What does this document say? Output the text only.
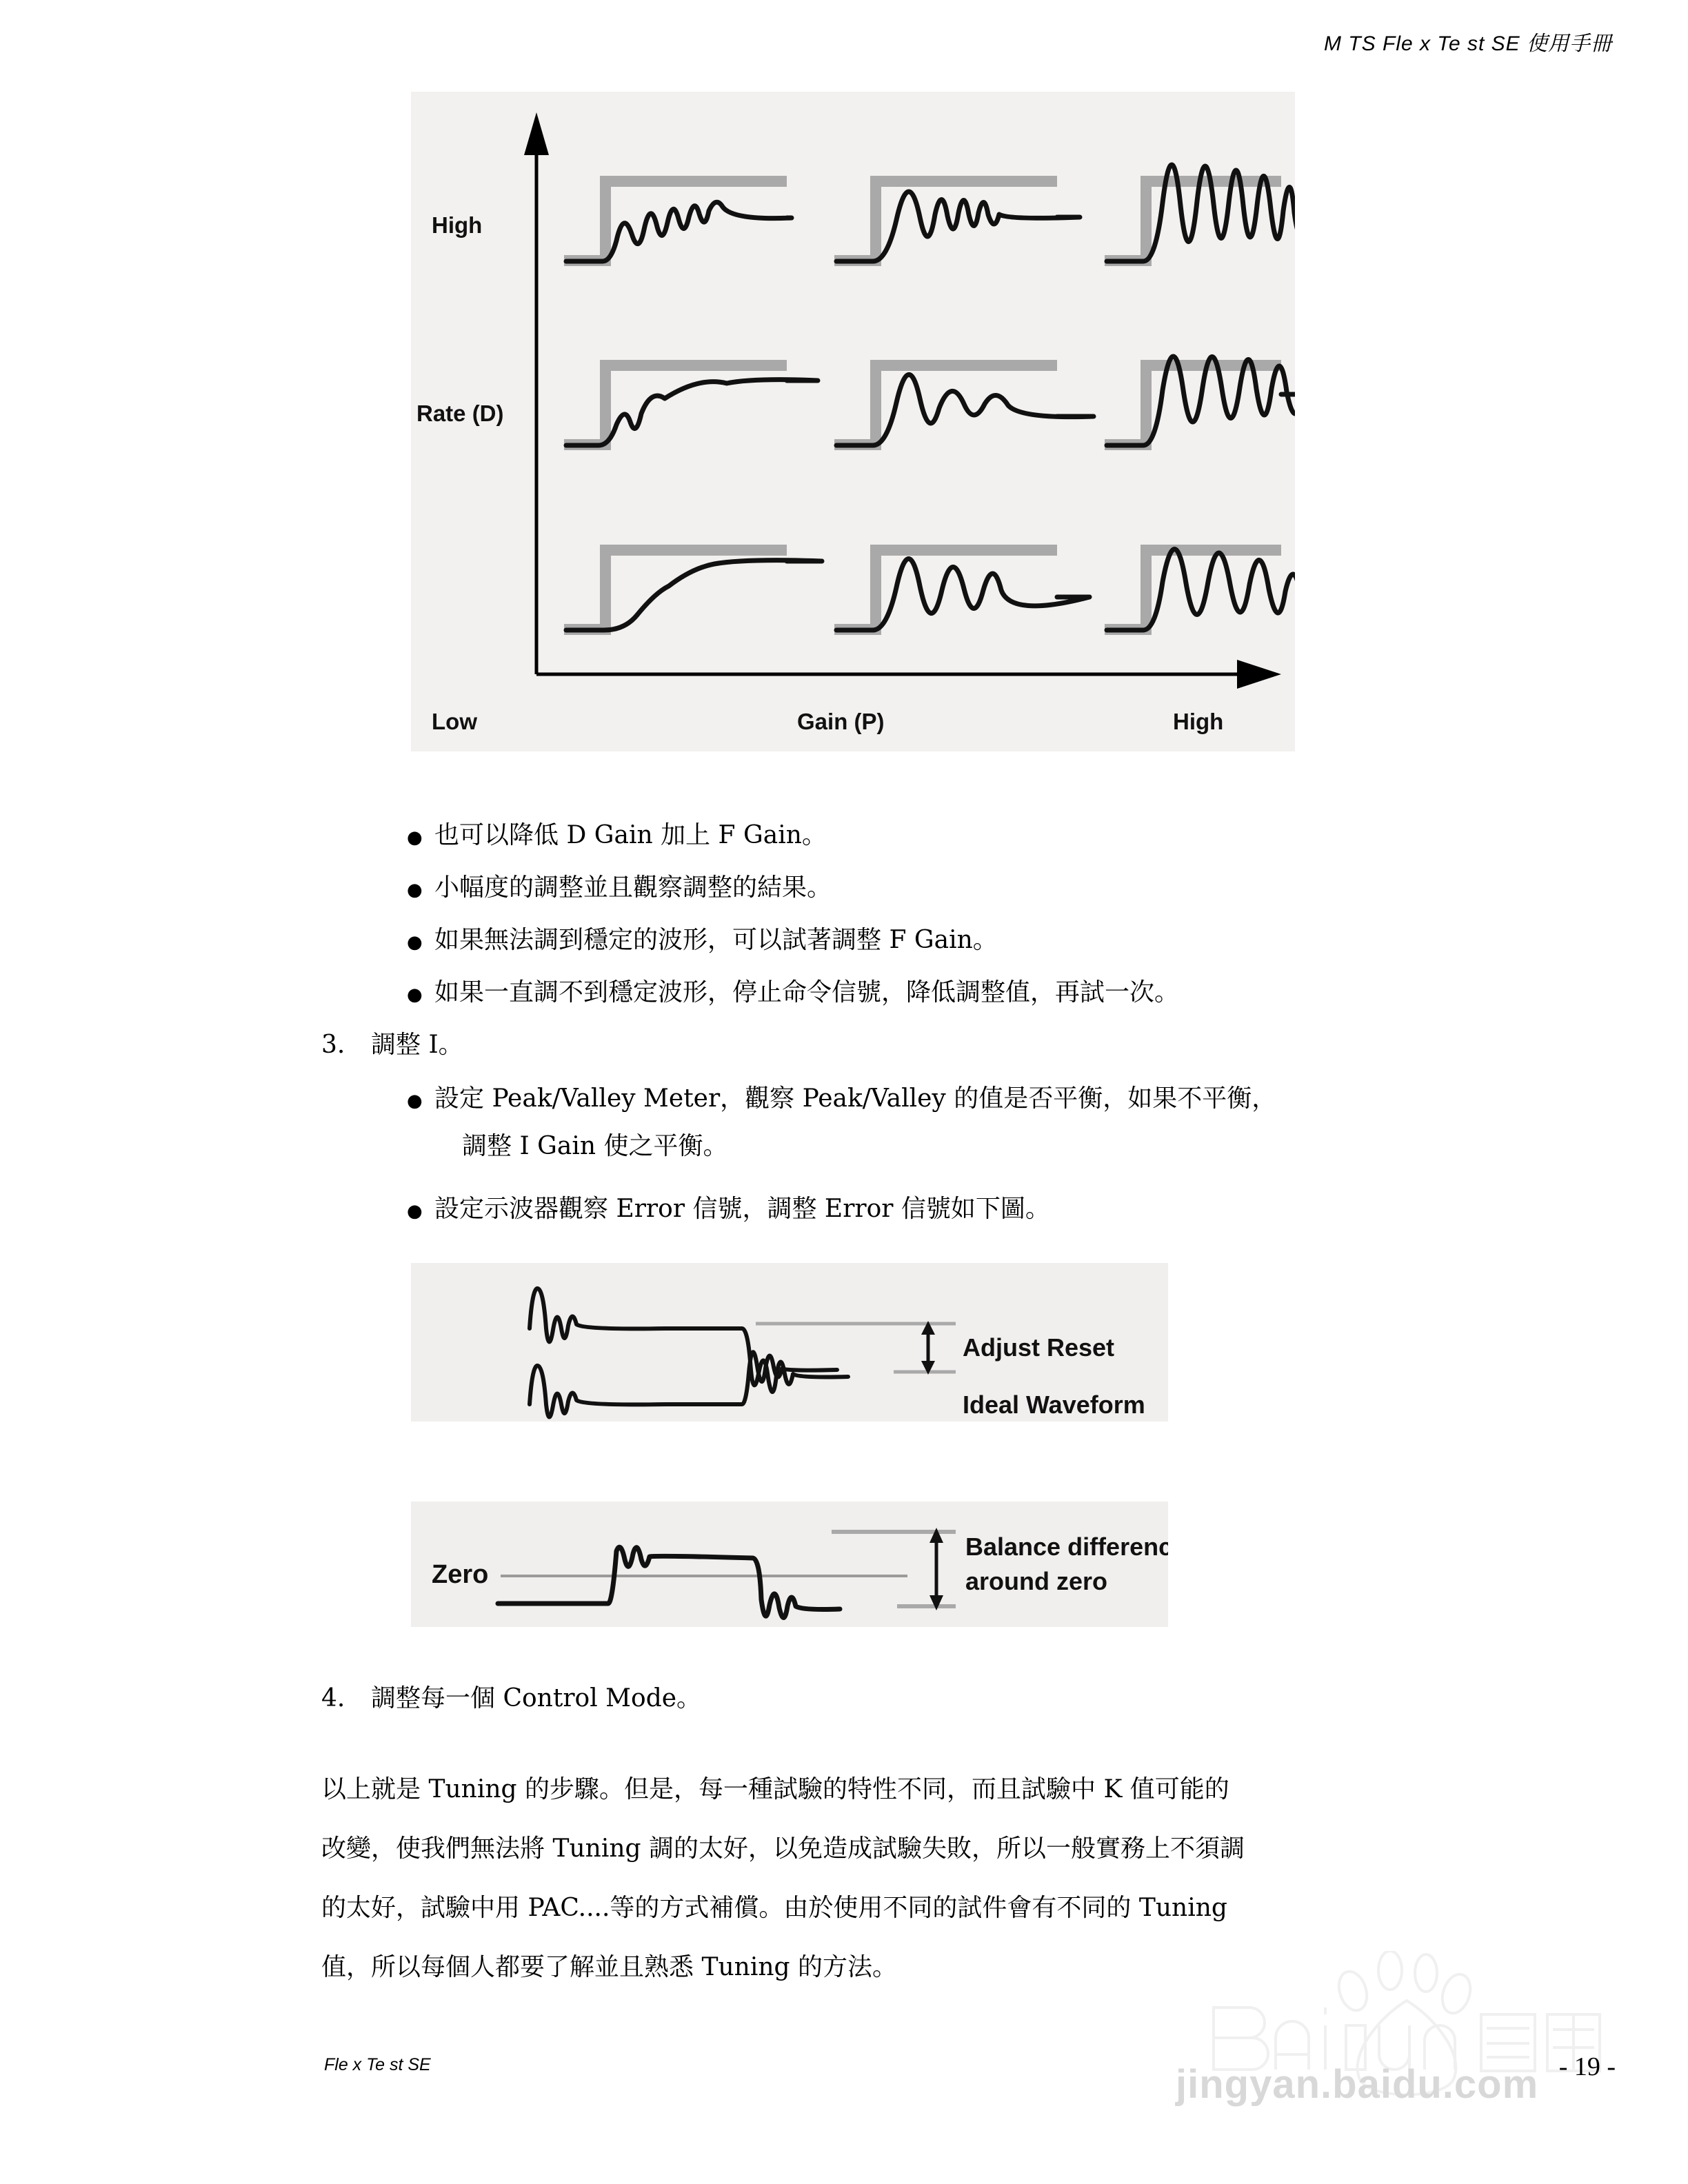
M TS Fle x Te st SE 使用手冊
High
Rate (D)
Low	Gain (P)	High
● 也可以降低 D Gain 加上 F Gain。
● 小幅度的調整並且觀察調整的結果。
● 如果無法調到穩定的波形，可以試著調整 F Gain。
● 如果一直調不到穩定波形，停止命令信號，降低調整值，再試一次。
3.	調整 I。
● 設定 Peak/Valley Meter，觀察 Peak/Valley 的值是否平衡，如果不平衡，
調整 I Gain 使之平衡。
● 設定示波器觀察 Error 信號，調整 Error 信號如下圖。
Adjust Reset
Ideal Waveform
Zero
Balance difference
around zero
4.	調整每一個 Control Mode。
以上就是 Tuning 的步驟。但是，每一種試驗的特性不同，而且試驗中 K 值可能的
改變，使我們無法將 Tuning 調的太好，以免造成試驗失敗，所以一般實務上不須調
的太好，試驗中用 PAC....等的方式補償。由於使用不同的試件會有不同的 Tuning
值，所以每個人都要了解並且熟悉 Tuning 的方法。
jingyan.baidu.com
Fle x Te st SE	- 19 -
